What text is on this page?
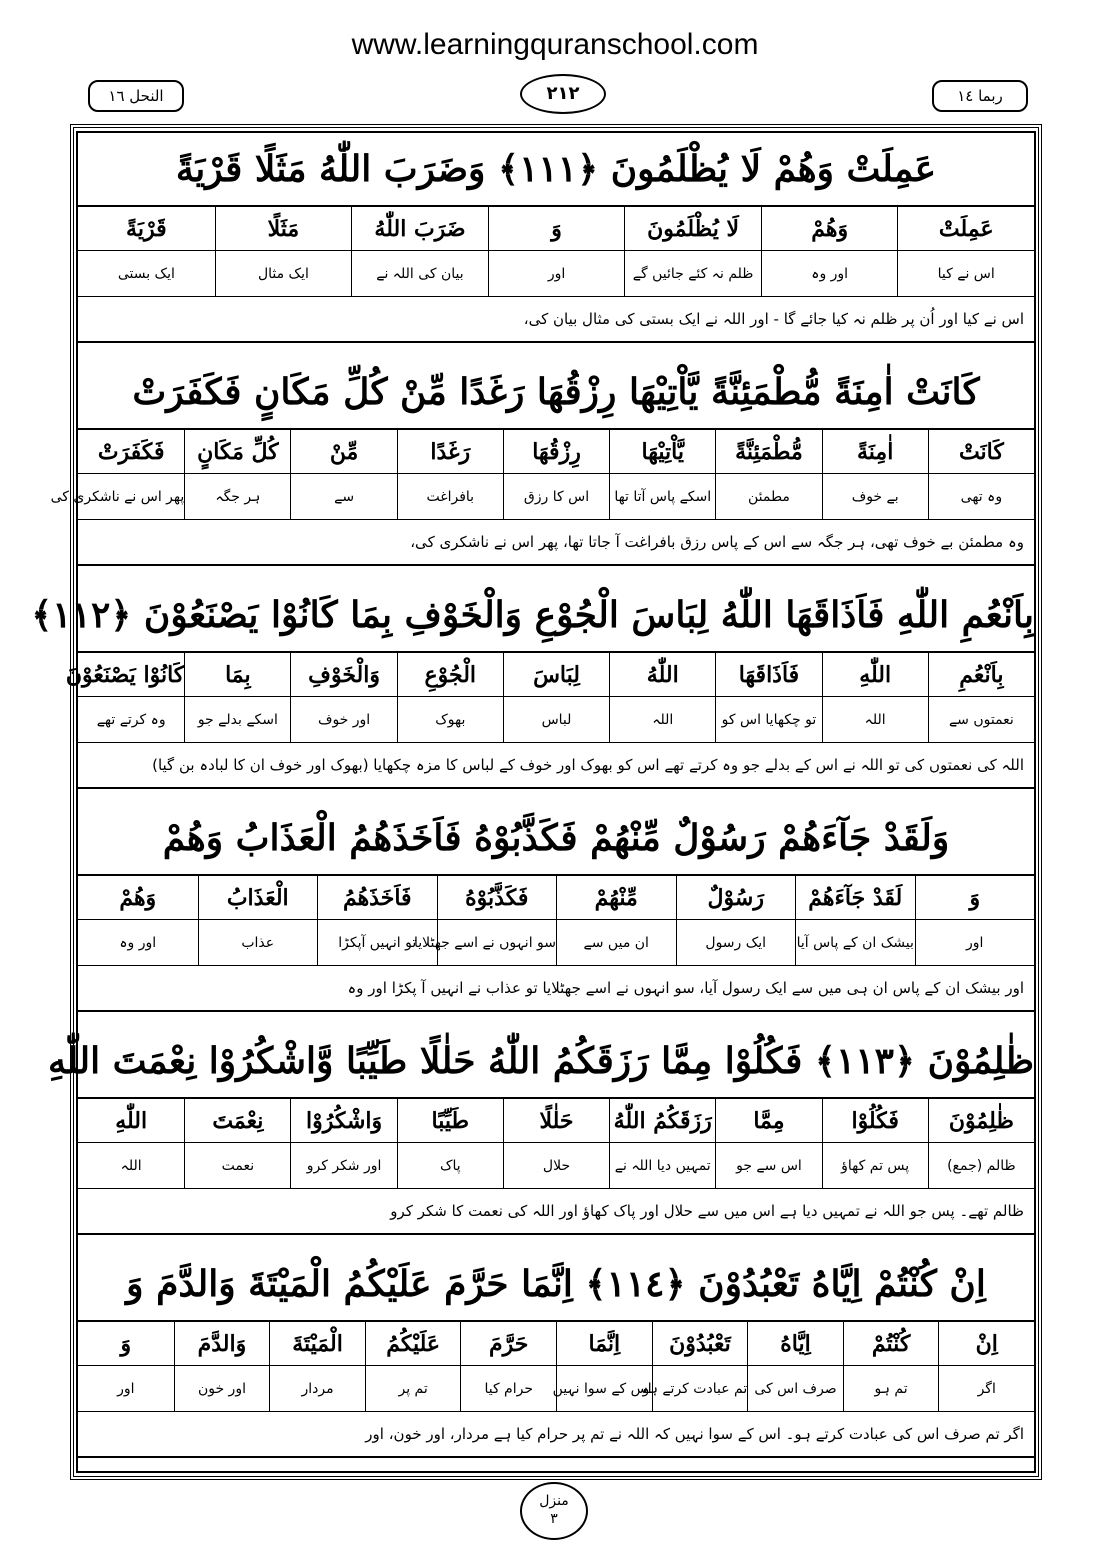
www.learningquranschool.com
النحل ١٦	٢١٢	ربما ١٤
عَمِلَتْ وَهُمْ لَا يُظْلَمُونَ ﴿١١١﴾ وَضَرَبَ اللّٰهُ مَثَلًا قَرْيَةً
عَمِلَتْ
وَهُمْ
لَا يُظْلَمُونَ
وَ
ضَرَبَ اللّٰهُ
مَثَلًا
قَرْيَةً
اس نے کیا
اور وہ
ظلم نہ کئے جائیں گے
اور
بیان کی اللہ نے
ایک مثال
ایک بستی
اس نے کیا اور اُن پر ظلم نہ کیا جائے گا - اور اللہ نے ایک بستی کی مثال بیان کی،
كَانَتْ اٰمِنَةً مُّطْمَئِنَّةً يَّاْتِيْهَا رِزْقُهَا رَغَدًا مِّنْ كُلِّ مَكَانٍ فَكَفَرَتْ
كَانَتْ
اٰمِنَةً
مُّطْمَئِنَّةً
يَّاْتِيْهَا
رِزْقُهَا
رَغَدًا
مِّنْ
كُلِّ مَكَانٍ
فَكَفَرَتْ
وہ تھی
بے خوف
مطمئن
اسکے پاس آتا تھا
اس کا رزق
بافراغت
سے
ہر جگہ
پھر اس نے ناشکری کی
وہ مطمئن بے خوف تھی، ہر جگہ سے اس کے پاس رزق بافراغت آ جاتا تھا، پھر اس نے ناشکری کی،
بِاَنْعُمِ اللّٰهِ فَاَذَاقَهَا اللّٰهُ لِبَاسَ الْجُوْعِ وَالْخَوْفِ بِمَا كَانُوْا يَصْنَعُوْنَ ﴿١١٢﴾
بِاَنْعُمِ
اللّٰهِ
فَاَذَاقَهَا
اللّٰهُ
لِبَاسَ
الْجُوْعِ
وَالْخَوْفِ
بِمَا
كَانُوْا يَصْنَعُوْنَ
نعمتوں سے
اللہ
تو چکھایا اس کو
اللہ
لباس
بھوک
اور خوف
اسکے بدلے جو
وہ کرتے تھے
اللہ کی نعمتوں کی تو اللہ نے اس کے بدلے جو وہ کرتے تھے اس کو بھوک اور خوف کے لباس کا مزہ چکھایا (بھوک اور خوف ان کا لبادہ بن گیا)
وَلَقَدْ جَآءَهُمْ رَسُوْلٌ مِّنْهُمْ فَكَذَّبُوْهُ فَاَخَذَهُمُ الْعَذَابُ وَهُمْ
وَ
لَقَدْ جَآءَهُمْ
رَسُوْلٌ
مِّنْهُمْ
فَكَذَّبُوْهُ
فَاَخَذَهُمُ
الْعَذَابُ
وَهُمْ
اور
بیشک ان کے پاس آیا
ایک رسول
ان میں سے
سو انہوں نے اسے جھٹلایا
تو انہیں آپکڑا
عذاب
اور وہ
اور بیشک ان کے پاس ان ہی میں سے ایک رسول آیا، سو انہوں نے اسے جھٹلایا تو عذاب نے انہیں آ پکڑا اور وہ
ظٰلِمُوْنَ ﴿١١٣﴾ فَكُلُوْا مِمَّا رَزَقَكُمُ اللّٰهُ حَلٰلًا طَيِّبًا وَّاشْكُرُوْا نِعْمَتَ اللّٰهِ
ظٰلِمُوْنَ
فَكُلُوْا
مِمَّا
رَزَقَكُمُ اللّٰهُ
حَلٰلًا
طَيِّبًا
وَاشْكُرُوْا
نِعْمَتَ
اللّٰهِ
ظالم (جمع)
پس تم کھاؤ
اس سے جو
تمہیں دیا اللہ نے
حلال
پاک
اور شکر کرو
نعمت
اللہ
ظالم تھے۔ پس جو اللہ نے تمہیں دیا ہے اس میں سے حلال اور پاک کھاؤ اور اللہ کی نعمت کا شکر کرو
اِنْ كُنْتُمْ اِيَّاهُ تَعْبُدُوْنَ ﴿١١٤﴾ اِنَّمَا حَرَّمَ عَلَيْكُمُ الْمَيْتَةَ وَالدَّمَ وَ
اِنْ
كُنْتُمْ
اِيَّاهُ
تَعْبُدُوْنَ
اِنَّمَا
حَرَّمَ
عَلَيْكُمُ
الْمَيْتَةَ
وَالدَّمَ
وَ
اگر
تم ہو
صرف اس کی
تم عبادت کرتے ہو
اس کے سوا نہیں
حرام کیا
تم پر
مردار
اور خون
اور
اگر تم صرف اس کی عبادت کرتے ہو۔ اس کے سوا نہیں کہ اللہ نے تم پر حرام کیا ہے مردار، اور خون، اور
منزل
٣
